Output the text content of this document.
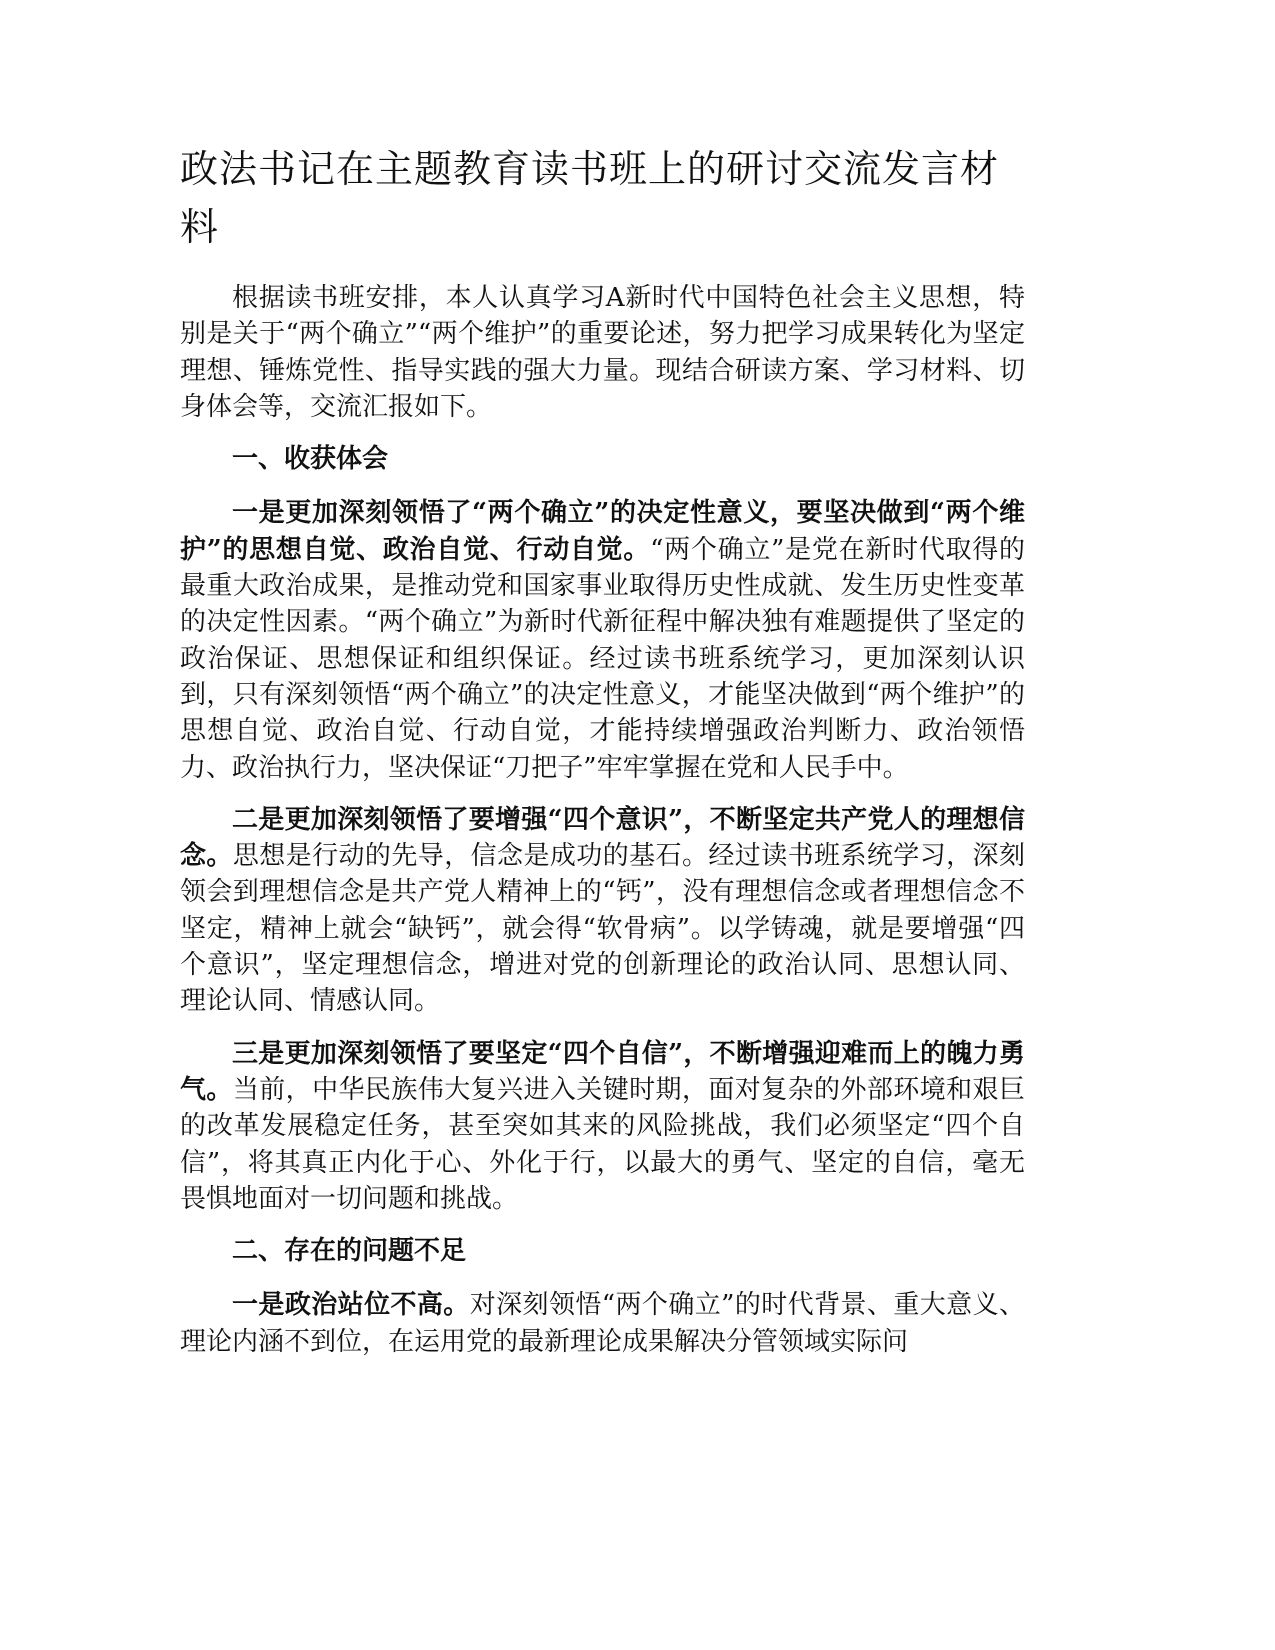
政法书记在主题教育读书班上的研讨交流发言材料

根据读书班安排，本人认真学习A新时代中国特色社会主义思想，特别是关于“两个确立”“两个维护”的重要论述，努力把学习成果转化为坚定理想、锤炼党性、指导实践的强大力量。现结合研读方案、学习材料、切身体会等，交流汇报如下。

一、收获体会

一是更加深刻领悟了“两个确立”的决定性意义，要坚决做到“两个维护”的思想自觉、政治自觉、行动自觉。“两个确立”是党在新时代取得的最重大政治成果，是推动党和国家事业取得历史性成就、发生历史性变革的决定性因素。“两个确立”为新时代新征程中解决独有难题提供了坚定的政治保证、思想保证和组织保证。经过读书班系统学习，更加深刻认识到，只有深刻领悟“两个确立”的决定性意义，才能坚决做到“两个维护”的思想自觉、政治自觉、行动自觉，才能持续增强政治判断力、政治领悟力、政治执行力，坚决保证“刀把子”牢牢掌握在党和人民手中。

二是更加深刻领悟了要增强“四个意识”，不断坚定共产党人的理想信念。思想是行动的先导，信念是成功的基石。经过读书班系统学习，深刻领会到理想信念是共产党人精神上的“钙”，没有理想信念或者理想信念不坚定，精神上就会“缺钙”，就会得“软骨病”。以学铸魂，就是要增强“四个意识”，坚定理想信念，增进对党的创新理论的政治认同、思想认同、理论认同、情感认同。

三是更加深刻领悟了要坚定“四个自信”，不断增强迎难而上的魄力勇气。当前，中华民族伟大复兴进入关键时期，面对复杂的外部环境和艰巨的改革发展稳定任务，甚至突如其来的风险挑战，我们必须坚定“四个自信”，将其真正内化于心、外化于行，以最大的勇气、坚定的自信，毫无畏惧地面对一切问题和挑战。

二、存在的问题不足

一是政治站位不高。对深刻领悟“两个确立”的时代背景、重大意义、理论内涵不到位，在运用党的最新理论成果解决分管领域实际问
